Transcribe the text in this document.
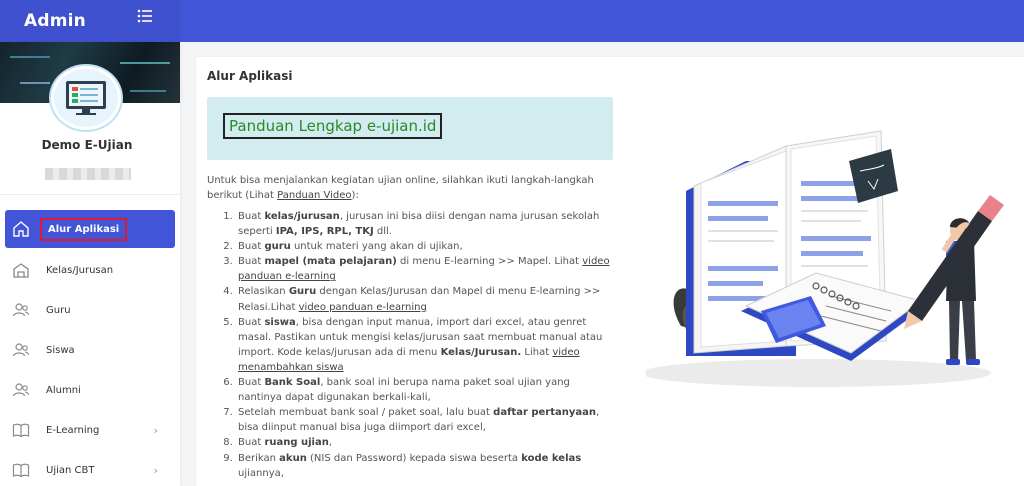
Admin
Demo E-Ujian
Alur Aplikasi
Kelas/Jurusan
Guru
Siswa
Alumni
E-Learning	›
Ujian CBT	›
Alur Aplikasi
Panduan Lengkap e-ujian.id
Untuk bisa menjalankan kegiatan ujian online, silahkan ikuti langkah-langkah berikut (Lihat Panduan Video):
1. Buat kelas/jurusan, jurusan ini bisa diisi dengan nama jurusan sekolah seperti IPA, IPS, RPL, TKJ dll.
2. Buat guru untuk materi yang akan di ujikan,
3. Buat mapel (mata pelajaran) di menu E-learning >> Mapel. Lihat video panduan e-learning
4. Relasikan Guru dengan Kelas/Jurusan dan Mapel di menu E-learning >> Relasi.Lihat video panduan e-learning
5. Buat siswa, bisa dengan input manua, import dari excel, atau genret masal. Pastikan untuk mengisi kelas/jurusan saat membuat manual atau import. Kode kelas/jurusan ada di menu Kelas/Jurusan. Lihat video menambahkan siswa
6. Buat Bank Soal, bank soal ini berupa nama paket soal ujian yang nantinya dapat digunakan berkali-kali,
7. Setelah membuat bank soal / paket soal, lalu buat daftar pertanyaan, bisa diinput manual bisa juga diimport dari excel,
8. Buat ruang ujian,
9. Berikan akun (NIS dan Password) kepada siswa beserta kode kelas ujiannya,
